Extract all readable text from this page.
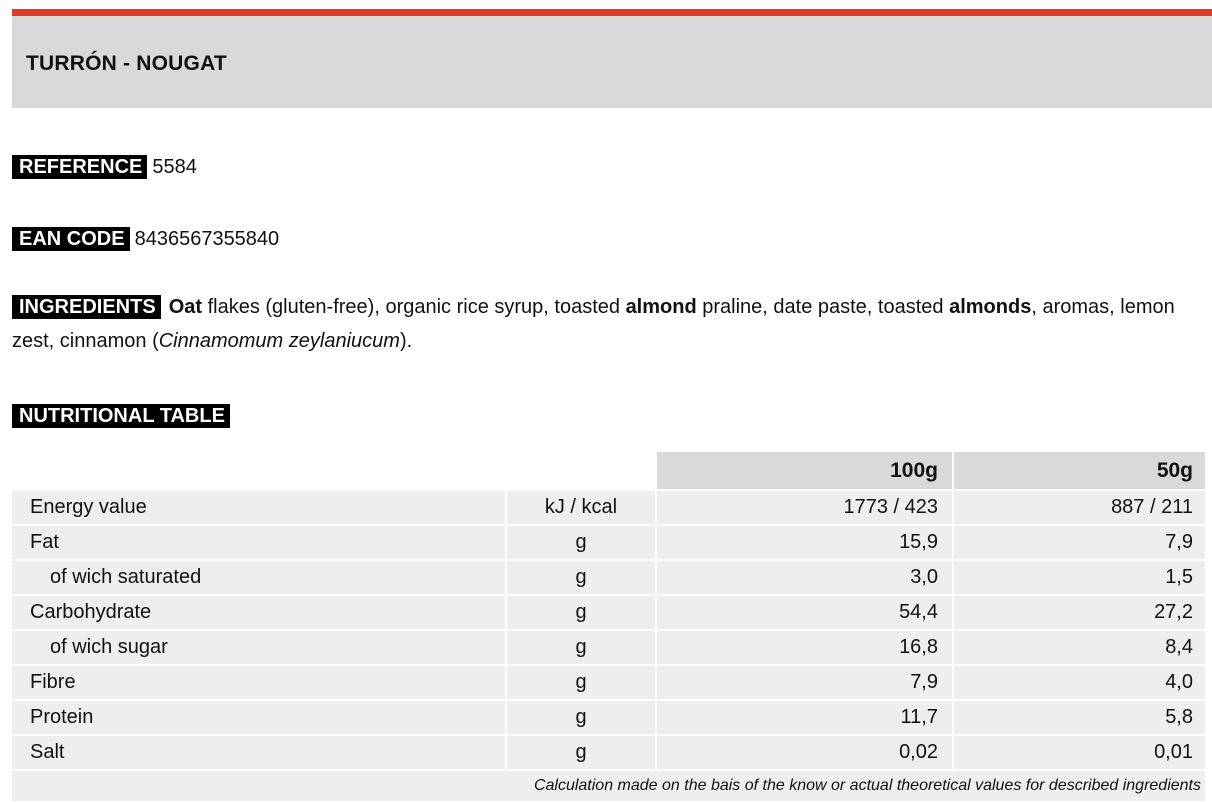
TURRÓN - NOUGAT
REFERENCE 5584
EAN CODE 8436567355840
INGREDIENTS Oat flakes (gluten-free), organic rice syrup, toasted almond praline, date paste, toasted almonds, aromas, lemon zest, cinnamon (Cinnamomum zeylaniucum).
NUTRITIONAL TABLE
		100g	50g
Energy value	kJ / kcal	1773 / 423	887 / 211
Fat	g	15,9	7,9
of wich saturated	g	3,0	1,5
Carbohydrate	g	54,4	27,2
of wich sugar	g	16,8	8,4
Fibre	g	7,9	4,0
Protein	g	11,7	5,8
Salt	g	0,02	0,01
Calculation made on the bais of the know or actual theoretical values for described ingredients			
